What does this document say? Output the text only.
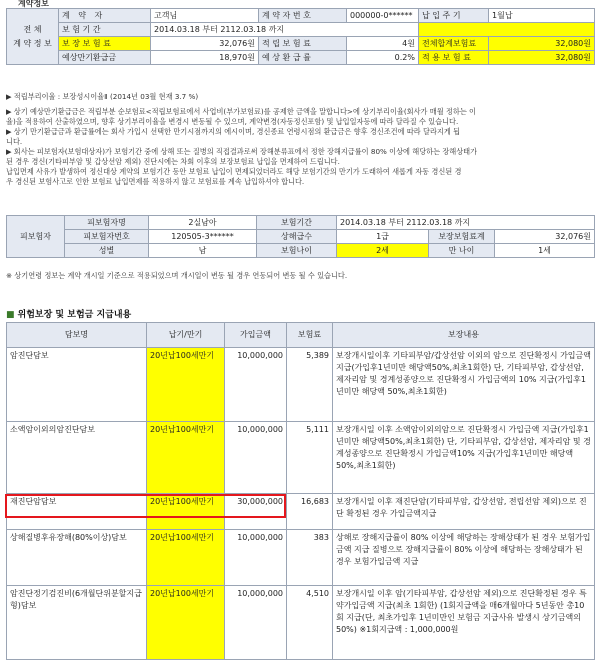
계약정보
전 체
계 약 정 보	계 약 자	고객님	계 약 자 번 호	000000-0******	납 입 주 기	1월납
	보 험 기 간	2014.03.18 부터 2112.03.18 까지				
	보 장 보 험 료	32,076원	적 립 보 험 료	4원	전체합계보험료	32,080원
	예상만기환급금	18,970원	예 상 환 급 률	0.2%	적 용 보 험 료	32,080원

▶ 적립부리이율 : 보장성시이율Ⅱ (2014년 03월 현재 3.7 %)

▶ 상기 예상만기환급금은 적립부분 순보험료<적립보험료에서 사업비(부가보험료)를 공제한 금액을 말합니다>에 상기부리이율(회사가 매월 정하는 이

율)을 적용하여 산출하였으며, 향후 상기부리이율을 변경시 변동될 수 있으며, 계약변경(자동정신포함) 및 납입일자등에 따라 달라질 수 있습니다.

▶ 상기 만기환급금과 환급률에는 회사 가입시 선택한 만기시점까지의 에시이며, 경신종료 연령시점의 환급금은 향후 경신조건에 따라 달라지게 됩

니다.

▶ 회사는 피보험자(보험대상자)가 보험기간 중에 상해 또는 질병의 직접결과로써 장해분류표에서 정한 장해지급률이 80% 이상에 해당하는 장해상태가

된 경우 경신(기타피부암 및 갑상선암 제외) 진단시에는 차회 이후의 보장보험료 납입을 면제하여 드립니다.

납입면제 사유가 발생하여 정신대상 계약의 보험기간 동안 보험료 납입이 면제되었더라도 해당 보험기간의 만기가 도래하여 새롭게 자동 경신된 경

우 경신된 보험사고로 인한 보험료 납입면제를 적용하지 않고 보험료를 계속 납입하셔야 합니다.

피보험자	피보험자명	2실남아	보험기간	2014.03.18 부터 2112.03.18 까지		
	피보험자번호	120505-3******	상해급수	1급	보장보험료계	32,076원
	성별	남	보험나이	2세	만 나이	1세

※ 상기연령 정보는 계약 개시일 기준으로 적용되었으며 개시일이 변동 될 경우 연동되어 변동 될 수 있습니다.

■ 위험보장 및 보험금 지급내용
담보명	납기/만기	가입금액	보험료	보장내용
암진단담보	20년납100세만기	10,000,000	5,389	보장개시일이후 기타피부암/갑상선암 이외의 암으로 진단확정시 가입금액 지급(가입후1년미만 해당액50%,최초1회한) 단, 기타피부암, 갑상선암, 제자리암 및 경계성종양으로 진단확정시 가입금액의 10% 지급(가입후1년미만 해당액 50%,최초1회한)
소액암이외의암진단담보	20년납100세만기	10,000,000	5,111	보장개시일 이후 소액암이외의암으로 진단확정시 가입금액 지급(가입후1년미만 해당액50%,최초1회한) 단, 기타피부암, 갑상선암, 제자리암 및 경계성종양으로 진단확정시 가입금액10% 지급(가입후1년미만 해당액50%,최초1회한)
재진단암담보	20년납100세만기	30,000,000	16,683	보장개시일 이후 재진단암(기타피부암, 갑상선암, 전립선암 제외)으로 진단 확정된 경우 가입금액지급
상해질병후유장해(80%이상)담보	20년납100세만기	10,000,000	383	상해로 장해지급률이 80% 이상에 해당하는 장해상태가 된 경우 보험가입금액 지급 질병으로 장해지급률이 80% 이상에 해당하는 장해상태가 된 경우 보험가입금액 지급
암진단정기검진비(6개월단위분할지급형)담보	20년납100세만기	10,000,000	4,510	보장개시일 이후 암(기타피부암, 갑상선암 제외)으로 진단확정된 경우 특약가입금액 지급(최초 1회한) (1회지급액을 매6개월마다 5년동안 총10회 지급(단, 최초가입후 1년미만인 보험금 지급사유 발생시 상기금액의 50%) ※1회지급액 : 1,000,000원
